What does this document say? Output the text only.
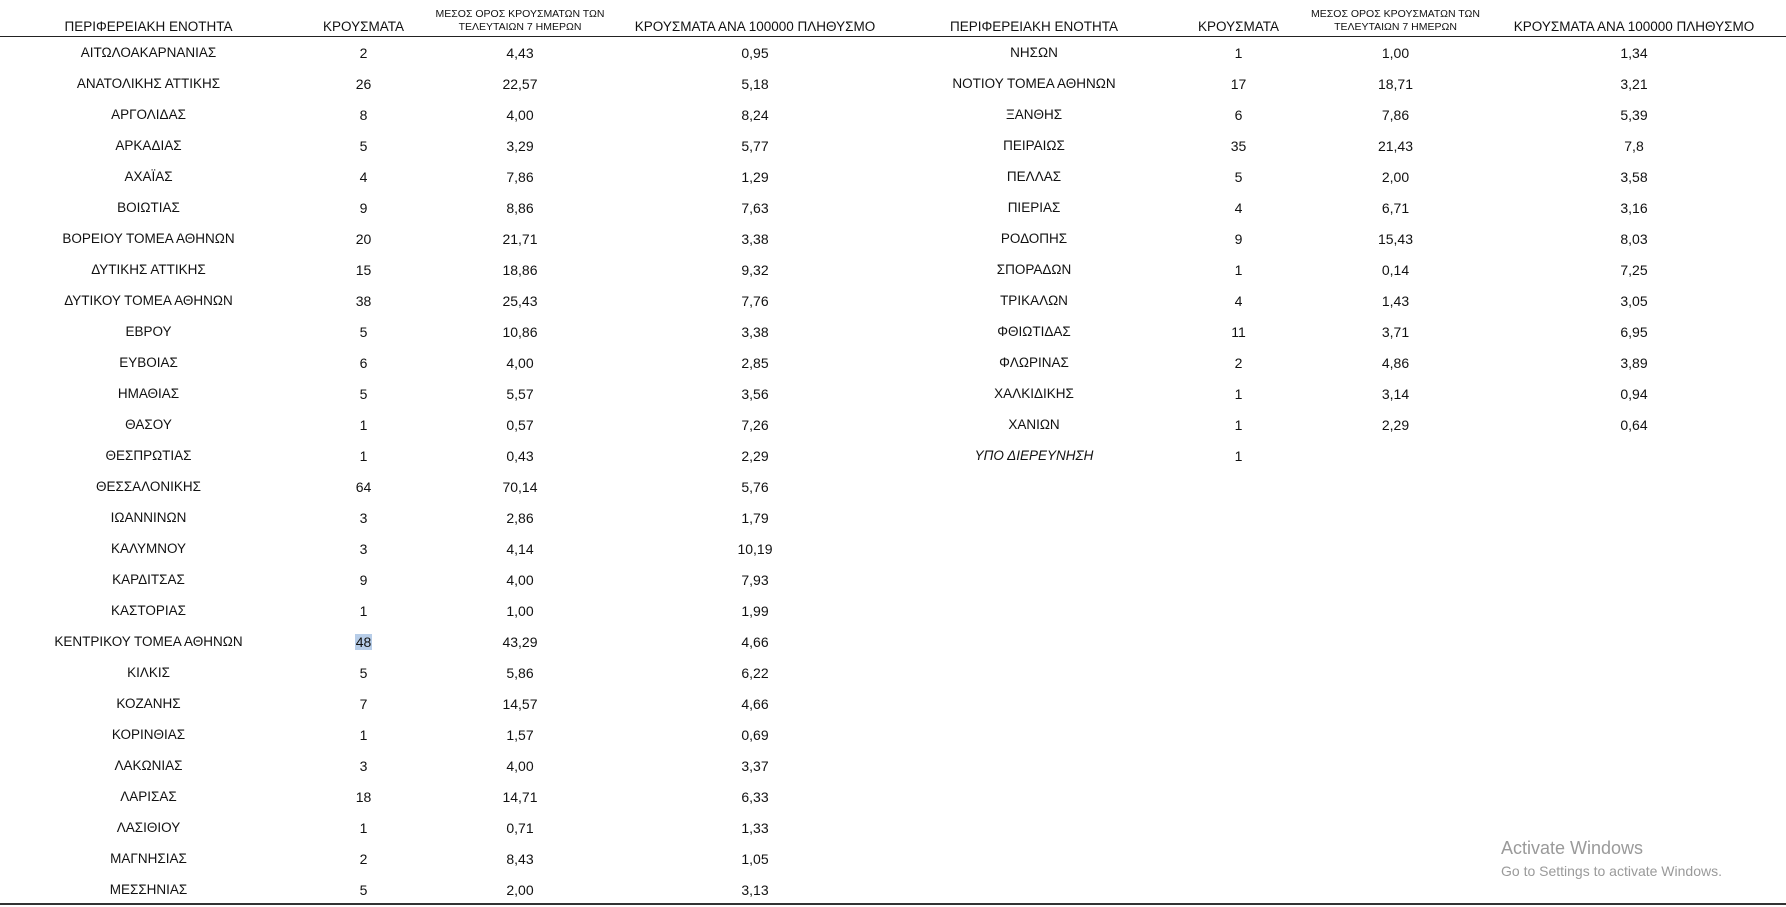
ΠΕΡΙΦΕΡΕΙΑΚΗ ΕΝΟΤΗΤΑ	ΚΡΟΥΣΜΑΤΑ	ΜΕΣΟΣ ΟΡΟΣ ΚΡΟΥΣΜΑΤΩΝ ΤΩΝ
ΤΕΛΕΥΤΑΙΩΝ 7 ΗΜΕΡΩΝ	ΚΡΟΥΣΜΑΤΑ ΑΝΑ 100000 ΠΛΗΘΥΣΜΟ
ΑΙΤΩΛΟΑΚΑΡΝΑΝΙΑΣ	2	4,43	0,95
ΑΝΑΤΟΛΙΚΗΣ ΑΤΤΙΚΗΣ	26	22,57	5,18
ΑΡΓΟΛΙΔΑΣ	8	4,00	8,24
ΑΡΚΑΔΙΑΣ	5	3,29	5,77
ΑΧΑΪΑΣ	4	7,86	1,29
ΒΟΙΩΤΙΑΣ	9	8,86	7,63
ΒΟΡΕΙΟΥ ΤΟΜΕΑ ΑΘΗΝΩΝ	20	21,71	3,38
ΔΥΤΙΚΗΣ ΑΤΤΙΚΗΣ	15	18,86	9,32
ΔΥΤΙΚΟΥ ΤΟΜΕΑ ΑΘΗΝΩΝ	38	25,43	7,76
ΕΒΡΟΥ	5	10,86	3,38
ΕΥΒΟΙΑΣ	6	4,00	2,85
ΗΜΑΘΙΑΣ	5	5,57	3,56
ΘΑΣΟΥ	1	0,57	7,26
ΘΕΣΠΡΩΤΙΑΣ	1	0,43	2,29
ΘΕΣΣΑΛΟΝΙΚΗΣ	64	70,14	5,76
ΙΩΑΝΝΙΝΩΝ	3	2,86	1,79
ΚΑΛΥΜΝΟΥ	3	4,14	10,19
ΚΑΡΔΙΤΣΑΣ	9	4,00	7,93
ΚΑΣΤΟΡΙΑΣ	1	1,00	1,99
ΚΕΝΤΡΙΚΟΥ ΤΟΜΕΑ ΑΘΗΝΩΝ	48	43,29	4,66
ΚΙΛΚΙΣ	5	5,86	6,22
ΚΟΖΑΝΗΣ	7	14,57	4,66
ΚΟΡΙΝΘΙΑΣ	1	1,57	0,69
ΛΑΚΩΝΙΑΣ	3	4,00	3,37
ΛΑΡΙΣΑΣ	18	14,71	6,33
ΛΑΣΙΘΙΟΥ	1	0,71	1,33
ΜΑΓΝΗΣΙΑΣ	2	8,43	1,05
ΜΕΣΣΗΝΙΑΣ	5	2,00	3,13
ΠΕΡΙΦΕΡΕΙΑΚΗ ΕΝΟΤΗΤΑ	ΚΡΟΥΣΜΑΤΑ	ΜΕΣΟΣ ΟΡΟΣ ΚΡΟΥΣΜΑΤΩΝ ΤΩΝ
ΤΕΛΕΥΤΑΙΩΝ 7 ΗΜΕΡΩΝ	ΚΡΟΥΣΜΑΤΑ ΑΝΑ 100000 ΠΛΗΘΥΣΜΟ
ΝΗΣΩΝ	1	1,00	1,34
ΝΟΤΙΟΥ ΤΟΜΕΑ ΑΘΗΝΩΝ	17	18,71	3,21
ΞΑΝΘΗΣ	6	7,86	5,39
ΠΕΙΡΑΙΩΣ	35	21,43	7,8
ΠΕΛΛΑΣ	5	2,00	3,58
ΠΙΕΡΙΑΣ	4	6,71	3,16
ΡΟΔΟΠΗΣ	9	15,43	8,03
ΣΠΟΡΑΔΩΝ	1	0,14	7,25
ΤΡΙΚΑΛΩΝ	4	1,43	3,05
ΦΘΙΩΤΙΔΑΣ	11	3,71	6,95
ΦΛΩΡΙΝΑΣ	2	4,86	3,89
ΧΑΛΚΙΔΙΚΗΣ	1	3,14	0,94
ΧΑΝΙΩΝ	1	2,29	0,64
ΥΠΟ ΔΙΕΡΕΥΝΗΣΗ	1		
Activate Windows
Go to Settings to activate Windows.
